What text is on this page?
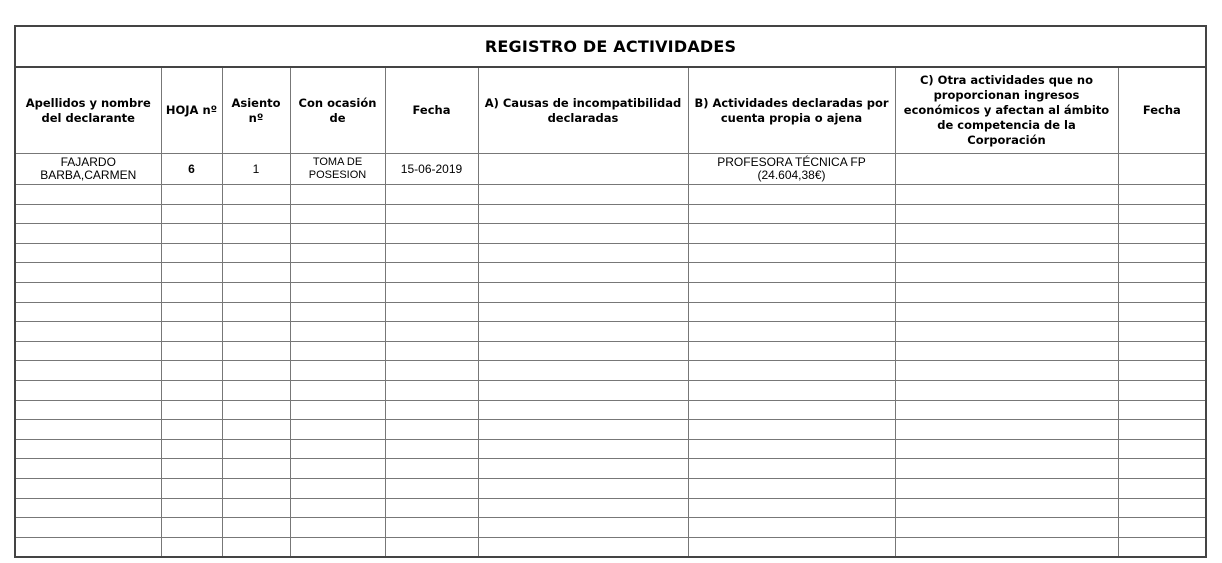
REGISTRO DE ACTIVIDADES								
Apellidos y nombre del declarante	HOJA nº	Asiento nº	Con ocasión de	Fecha	A) Causas de incompatibilidad declaradas	B) Actividades declaradas por cuenta propia o ajena	C) Otra actividades que no proporcionan ingresos económicos y afectan al ámbito de competencia de la Corporación	Fecha
FAJARDO BARBA,CARMEN	6	1	TOMA DE POSESION	15-06-2019		PROFESORA TÉCNICA FP (24.604,38€)		
